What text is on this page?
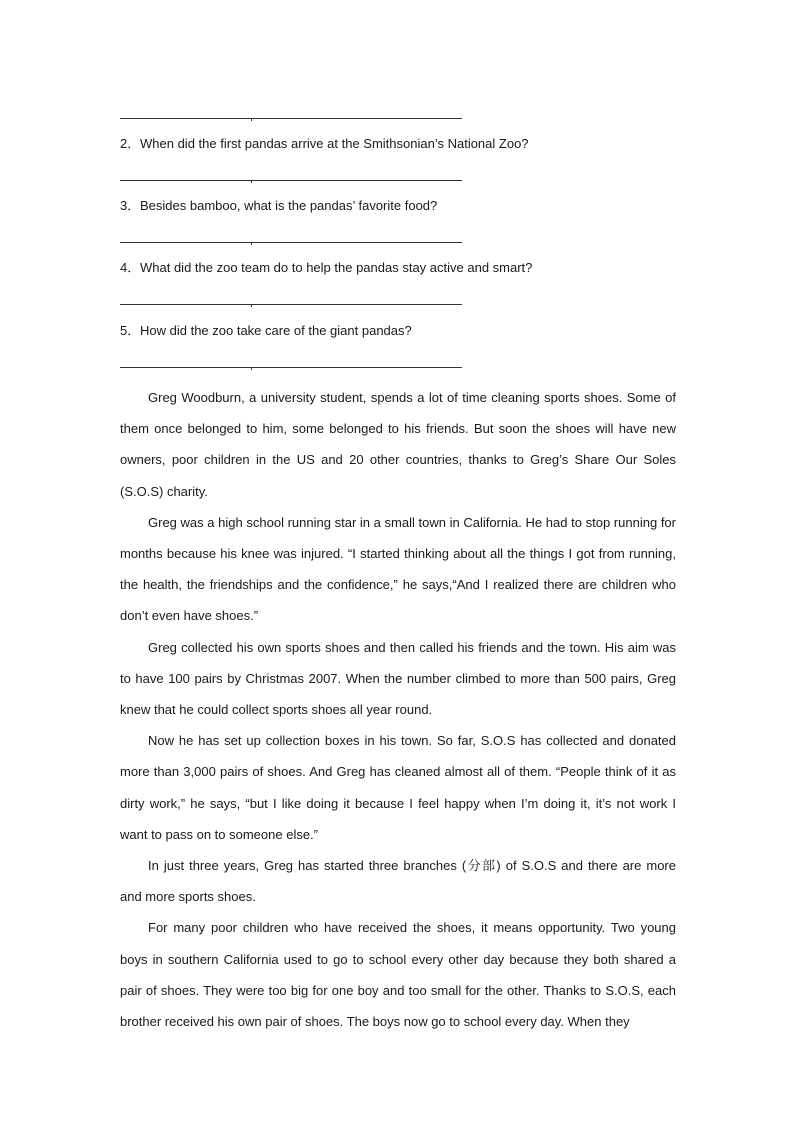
2．When did the first pandas arrive at the Smithsonian’s National Zoo?
3．Besides bamboo, what is the pandas’ favorite food?
4．What did the zoo team do to help the pandas stay active and smart?
5．How did the zoo take care of the giant pandas?

Greg Woodburn, a university student, spends a lot of time cleaning sports shoes. Some of them once belonged to him, some belonged to his friends. But soon the shoes will have new owners, poor children in the US and 20 other countries, thanks to Greg’s Share Our Soles (S.O.S) charity.

Greg was a high school running star in a small town in California. He had to stop running for months because his knee was injured. “I started thinking about all the things I got from running, the health, the friendships and the confidence,” he says,“And I realized there are children who don’t even have shoes.”

Greg collected his own sports shoes and then called his friends and the town. His aim was to have 100 pairs by Christmas 2007. When the number climbed to more than 500 pairs, Greg knew that he could collect sports shoes all year round.

Now he has set up collection boxes in his town. So far, S.O.S has collected and donated more than 3,000 pairs of shoes. And Greg has cleaned almost all of them. “People think of it as dirty work,” he says, “but I like doing it because I feel happy when I’m doing it, it’s not work I want to pass on to someone else.”

In just three years, Greg has started three branches (分部) of S.O.S and there are more and more sports shoes.

For many poor children who have received the shoes, it means opportunity. Two young boys in southern California used to go to school every other day because they both shared a pair of shoes. They were too big for one boy and too small for the other. Thanks to S.O.S, each brother received his own pair of shoes. The boys now go to school every day. When they
